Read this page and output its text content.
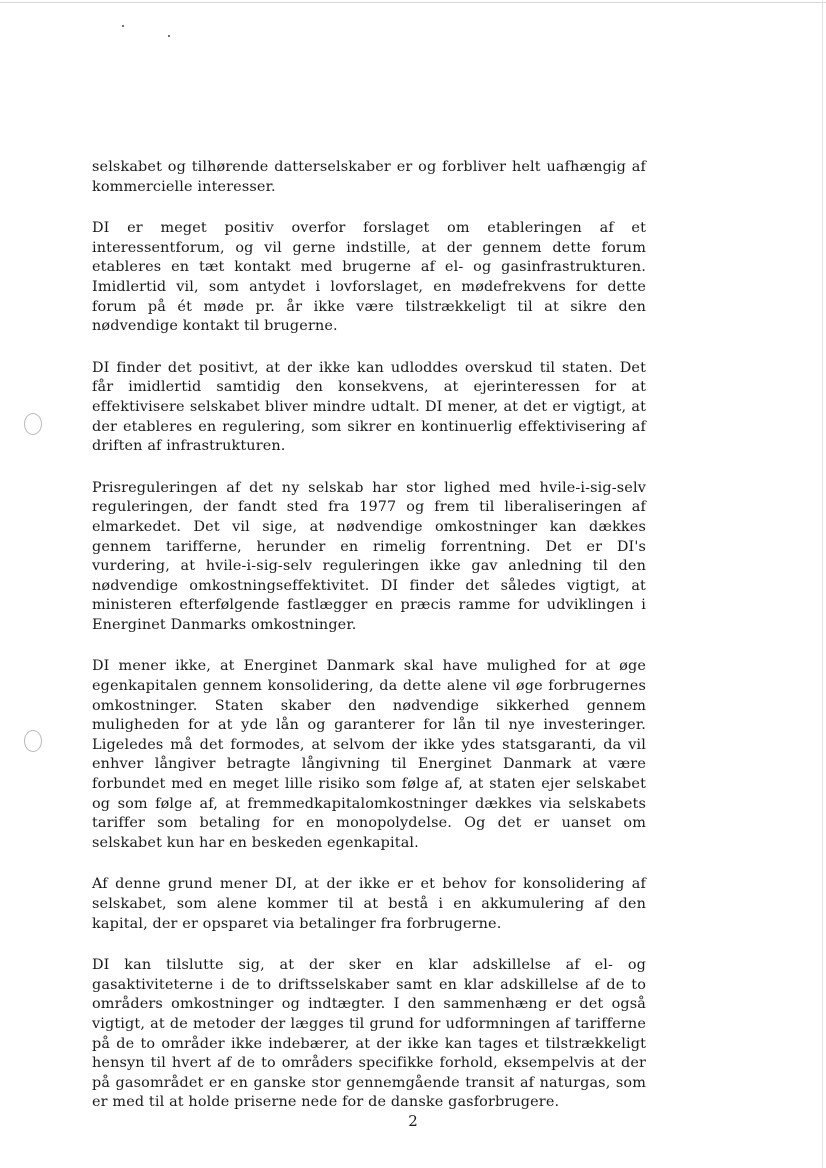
selskabet og tilhørende datterselskaber er og forbliver helt uafhængig af kommercielle interesser.

DI er meget positiv overfor forslaget om etableringen af et interessentforum, og vil gerne indstille, at der gennem dette forum etableres en tæt kontakt med brugerne af el- og gasinfrastrukturen. Imidlertid vil, som antydet i lovforslaget, en mødefrekvens for dette forum på ét møde pr. år ikke være tilstrækkeligt til at sikre den nødvendige kontakt til brugerne.

DI finder det positivt, at der ikke kan udloddes overskud til staten. Det får imidlertid samtidig den konsekvens, at ejerinteressen for at effektivisere selskabet bliver mindre udtalt. DI mener, at det er vigtigt, at der etableres en regulering, som sikrer en kontinuerlig effektivisering af driften af infrastrukturen.

Prisreguleringen af det ny selskab har stor lighed med hvile-i-sig-selv reguleringen, der fandt sted fra 1977 og frem til liberaliseringen af elmarkedet. Det vil sige, at nødvendige omkostninger kan dækkes gennem tarifferne, herunder en rimelig forrentning. Det er DI's vurdering, at hvile-i-sig-selv reguleringen ikke gav anledning til den nødvendige omkostningseffektivitet. DI finder det således vigtigt, at ministeren efterfølgende fastlægger en præcis ramme for udviklingen i Energinet Danmarks omkostninger.

DI mener ikke, at Energinet Danmark skal have mulighed for at øge egenkapitalen gennem konsolidering, da dette alene vil øge forbrugernes omkostninger. Staten skaber den nødvendige sikkerhed gennem muligheden for at yde lån og garanterer for lån til nye investeringer. Ligeledes må det formodes, at selvom der ikke ydes statsgaranti, da vil enhver långiver betragte långivning til Energinet Danmark at være forbundet med en meget lille risiko som følge af, at staten ejer selskabet og som følge af, at fremmedkapitalomkostninger dækkes via selskabets tariffer som betaling for en monopolydelse. Og det er uanset om selskabet kun har en beskeden egenkapital.

Af denne grund mener DI, at der ikke er et behov for konsolidering af selskabet, som alene kommer til at bestå i en akkumulering af den kapital, der er opsparet via betalinger fra forbrugerne.

DI kan tilslutte sig, at der sker en klar adskillelse af el- og gasaktiviteterne i de to driftsselskaber samt en klar adskillelse af de to områders omkostninger og indtægter. I den sammenhæng er det også vigtigt, at de metoder der lægges til grund for udformningen af tarifferne på de to områder ikke indebærer, at der ikke kan tages et tilstrækkeligt hensyn til hvert af de to områders specifikke forhold, eksempelvis at der på gasområdet er en ganske stor gennemgående transit af naturgas, som er med til at holde priserne nede for de danske gasforbrugere.

2
